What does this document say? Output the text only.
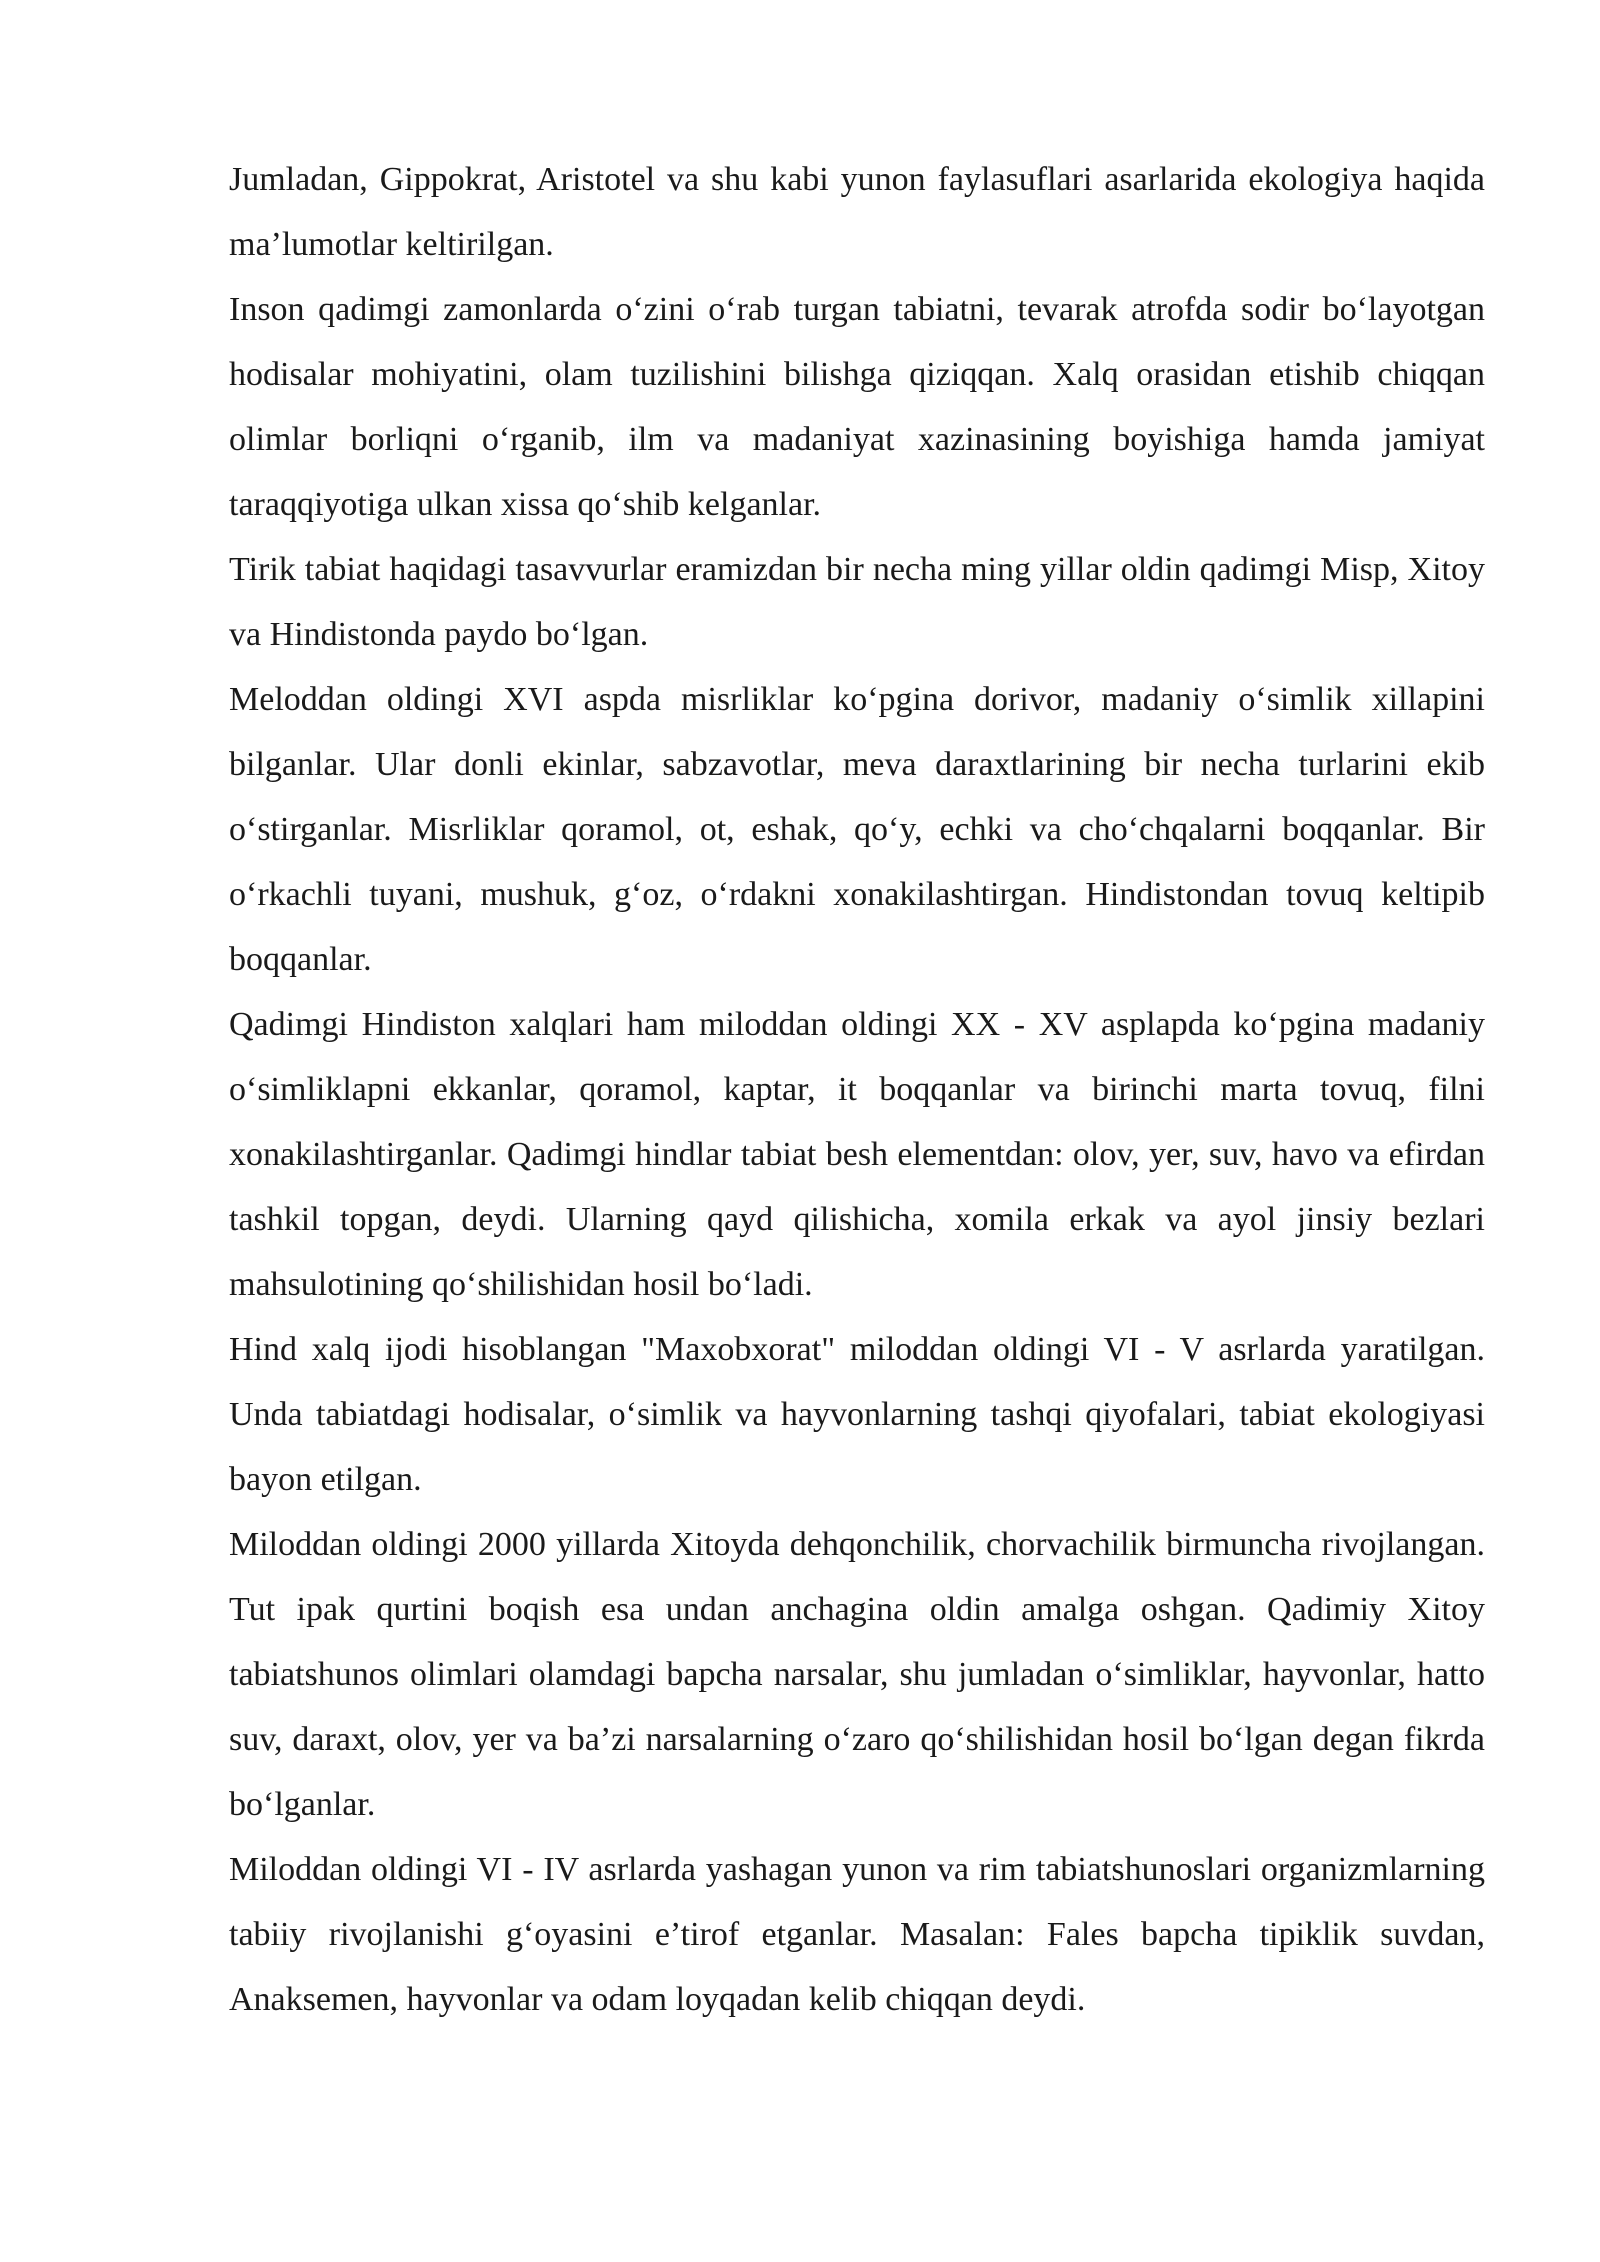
Jumladan, Gippokrat, Aristotel va shu kabi yunon faylasuflari asarlarida ekologiya haqida ma’lumotlar keltirilgan.

Inson qadimgi zamonlarda o‘zini o‘rab turgan tabiatni, tevarak atrofda sodir bo‘layotgan hodisalar mohiyatini, olam tuzilishini bilishga qiziqqan. Xalq orasidan etishib chiqqan olimlar borliqni o‘rganib, ilm va madaniyat xazinasining boyishiga hamda jamiyat taraqqiyotiga ulkan xissa qo‘shib kelganlar.

Tirik tabiat haqidagi tasavvurlar eramizdan bir necha ming yillar oldin qadimgi Misp, Xitoy va Hindistonda paydo bo‘lgan.

Meloddan oldingi XVI aspda misrliklar ko‘pgina dorivor, madaniy o‘simlik xillapini bilganlar. Ular donli ekinlar, sabzavotlar, meva daraxtlarining bir necha turlarini ekib o‘stirganlar. Misrliklar qoramol, ot, eshak, qo‘y, echki va cho‘chqalarni boqqanlar. Bir o‘rkachli tuyani, mushuk, g‘oz, o‘rdakni xonakilashtirgan. Hindistondan tovuq keltipib boqqanlar.

Qadimgi Hindiston xalqlari ham miloddan oldingi XX - XV asplapda ko‘pgina madaniy o‘simliklapni ekkanlar, qoramol, kaptar, it boqqanlar va birinchi marta tovuq, filni xonakilashtirganlar. Qadimgi hindlar tabiat besh elementdan: olov, yer, suv, havo va efirdan tashkil topgan, deydi. Ularning qayd qilishicha, xomila erkak va ayol jinsiy bezlari mahsulotining qo‘shilishidan hosil bo‘ladi.

Hind xalq ijodi hisoblangan "Maxobxorat" miloddan oldingi VI - V asrlarda yaratilgan. Unda tabiatdagi hodisalar, o‘simlik va hayvonlarning tashqi qiyofalari, tabiat ekologiyasi bayon etilgan.

Miloddan oldingi 2000 yillarda Xitoyda dehqonchilik, chorvachilik birmuncha rivojlangan. Tut ipak qurtini boqish esa undan anchagina oldin amalga oshgan. Qadimiy Xitoy tabiatshunos olimlari olamdagi bapcha narsalar, shu jumladan o‘simliklar, hayvonlar, hatto suv, daraxt, olov, yer va ba’zi narsalarning o‘zaro qo‘shilishidan hosil bo‘lgan degan fikrda bo‘lganlar.

Miloddan oldingi VI - IV asrlarda yashagan yunon va rim tabiatshunoslari organizmlarning tabiiy rivojlanishi g‘oyasini e’tirof etganlar. Masalan: Fales bapcha tipiklik suvdan, Anaksemen, hayvonlar va odam loyqadan kelib chiqqan deydi.
